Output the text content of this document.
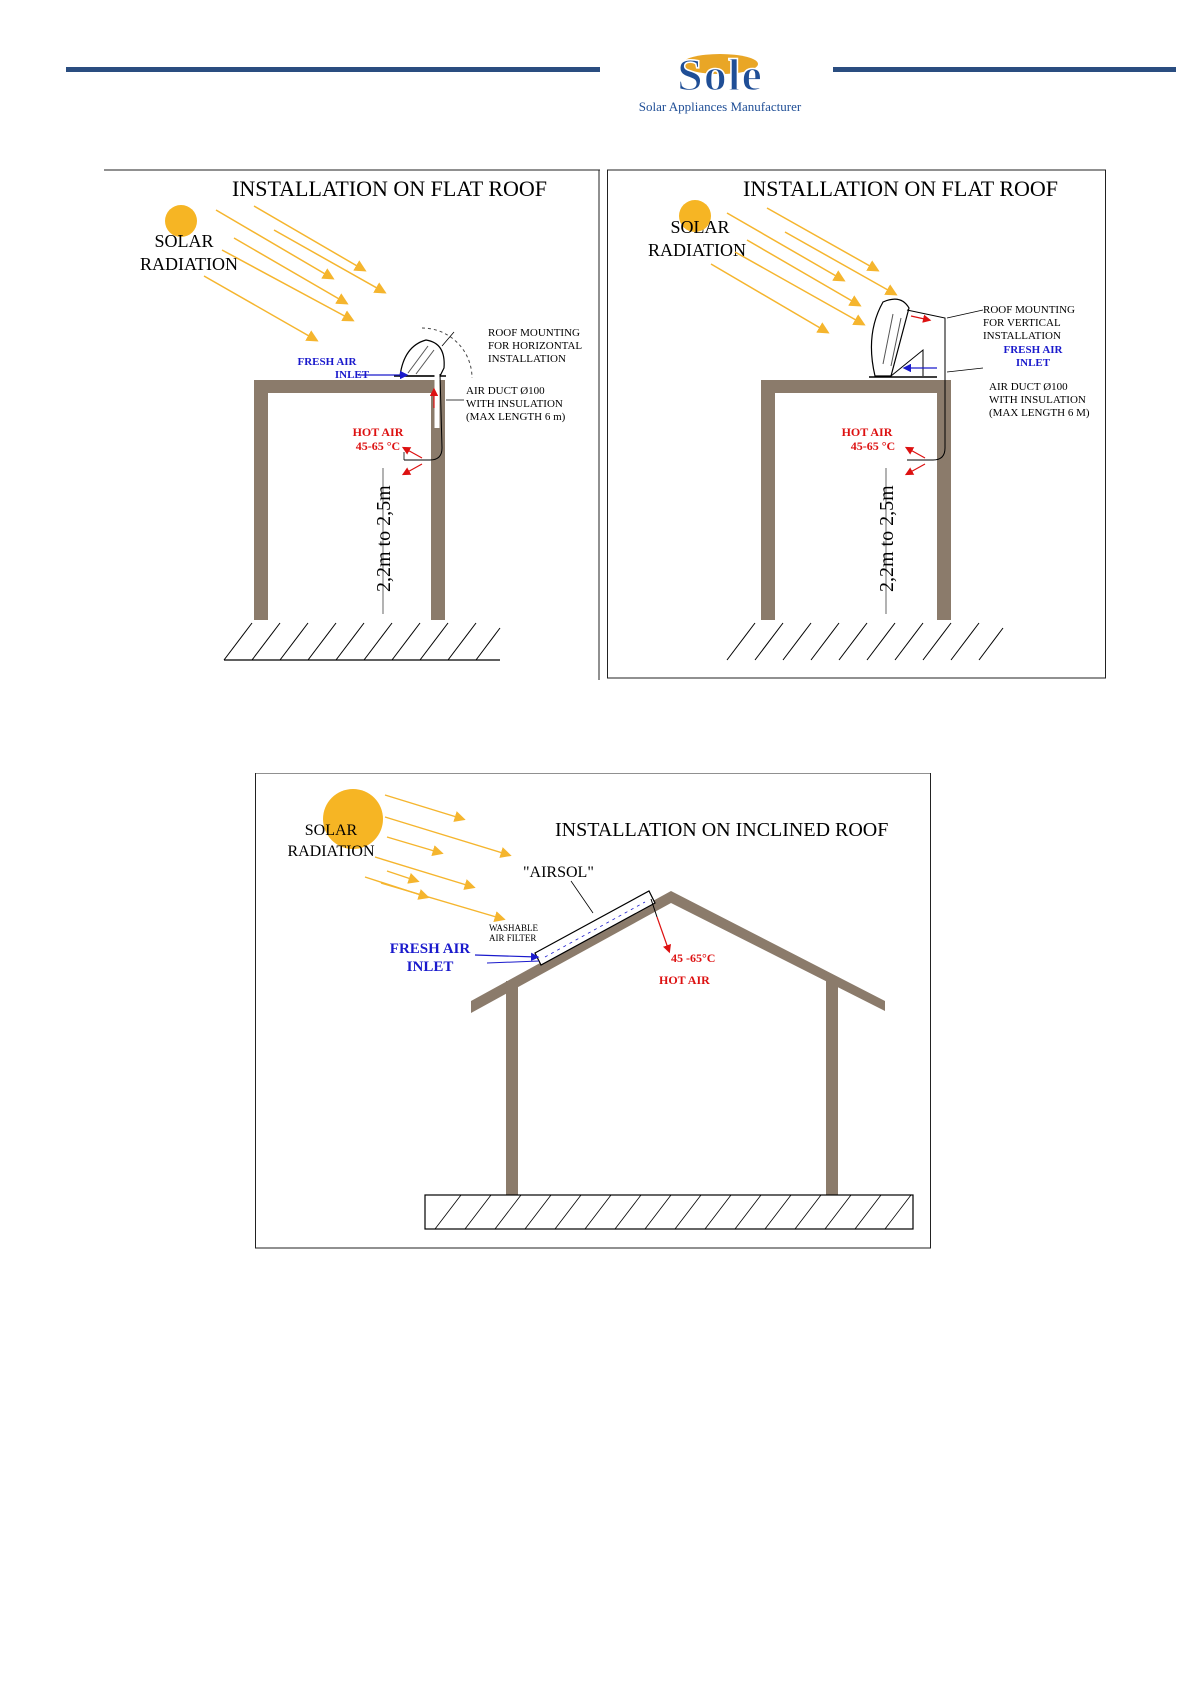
Sole
Solar Appliances Manufacturer
INSTALLATION ON FLAT ROOF
SOLAR
RADIATION
ROOF MOUNTING
FOR HORIZONTAL
INSTALLATION
FRESH AIR
INLET
AIR DUCT Ø100
WITH INSULATION
(MAX LENGTH 6 m)
HOT AIR
45-65 °C
2,2m to 2,5m
INSTALLATION ON FLAT ROOF
SOLAR
RADIATION
ROOF MOUNTING
FOR VERTICAL
INSTALLATION
FRESH AIR
INLET
AIR DUCT Ø100
WITH INSULATION
(MAX LENGTH 6 M)
HOT AIR
45-65 °C
2,2m to 2,5m
INSTALLATION ON INCLINED ROOF
SOLAR
RADIATION
"AIRSOL"
WASHABLE
AIR FILTER
FRESH AIR
INLET
45 -65°C
HOT AIR
